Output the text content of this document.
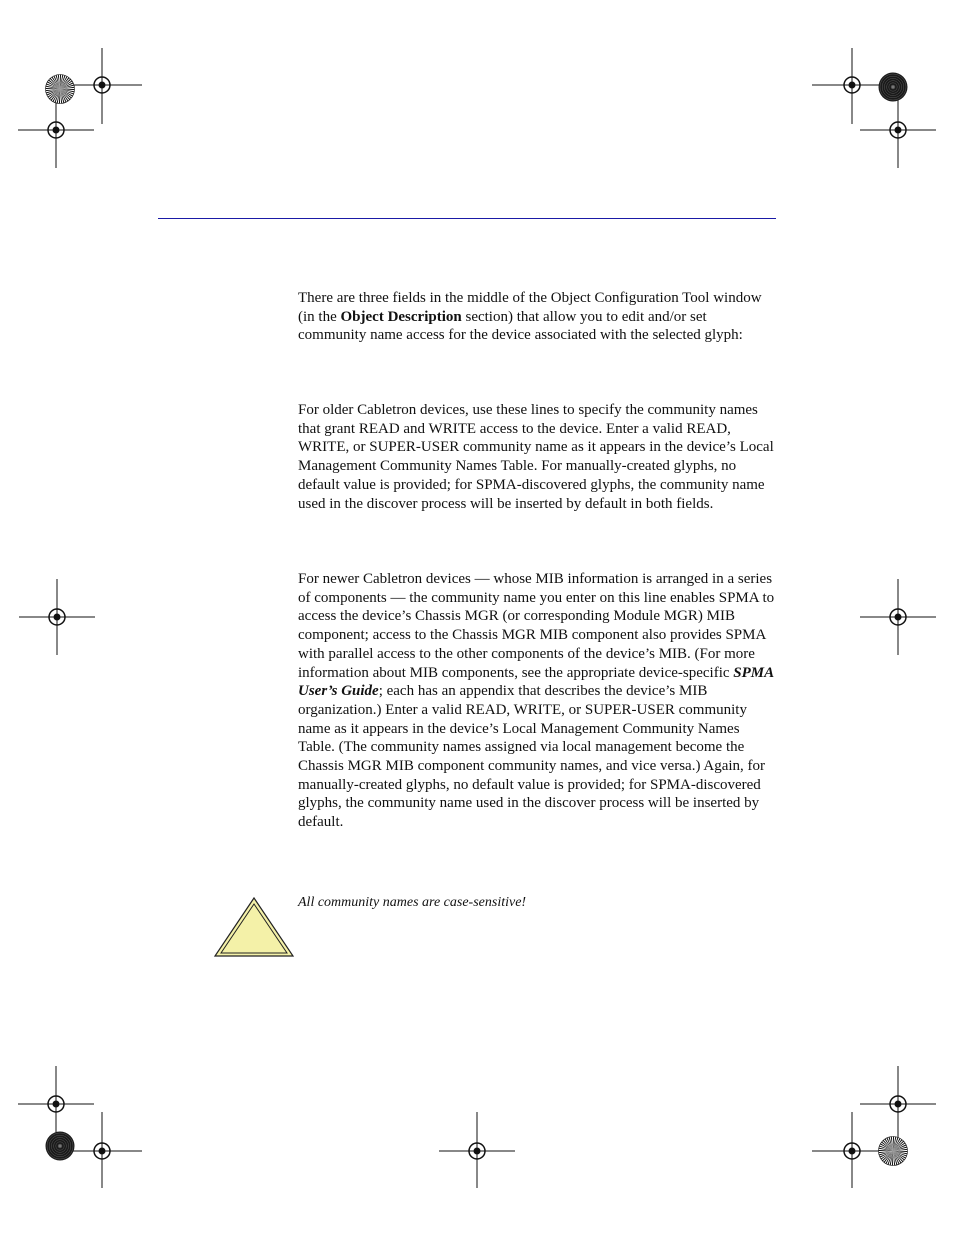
There are three fields in the middle of the Object Configuration Tool window (in the Object Description section) that allow you to edit and/or set community name access for the device associated with the selected glyph:

For older Cabletron devices, use these lines to specify the community names that grant READ and WRITE access to the device. Enter a valid READ, WRITE, or SUPER-USER community name as it appears in the device’s Local Management Community Names Table. For manually-created glyphs, no default value is provided; for SPMA-discovered glyphs, the community name used in the discover process will be inserted by default in both fields.

For newer Cabletron devices — whose MIB information is arranged in a series of components — the community name you enter on this line enables SPMA to access the device’s Chassis MGR (or corresponding Module MGR) MIB component; access to the Chassis MGR MIB component also provides SPMA with parallel access to the other components of the device’s MIB. (For more information about MIB components, see the appropriate device-specific SPMA User’s Guide; each has an appendix that describes the device’s MIB organization.) Enter a valid READ, WRITE, or SUPER-USER community name as it appears in the device’s Local Management Community Names Table. (The community names assigned via local management become the Chassis MGR MIB component community names, and vice versa.) Again, for manually-created glyphs, no default value is provided; for SPMA-discovered glyphs, the community name used in the discover process will be inserted by default.

All community names are case-sensitive!
